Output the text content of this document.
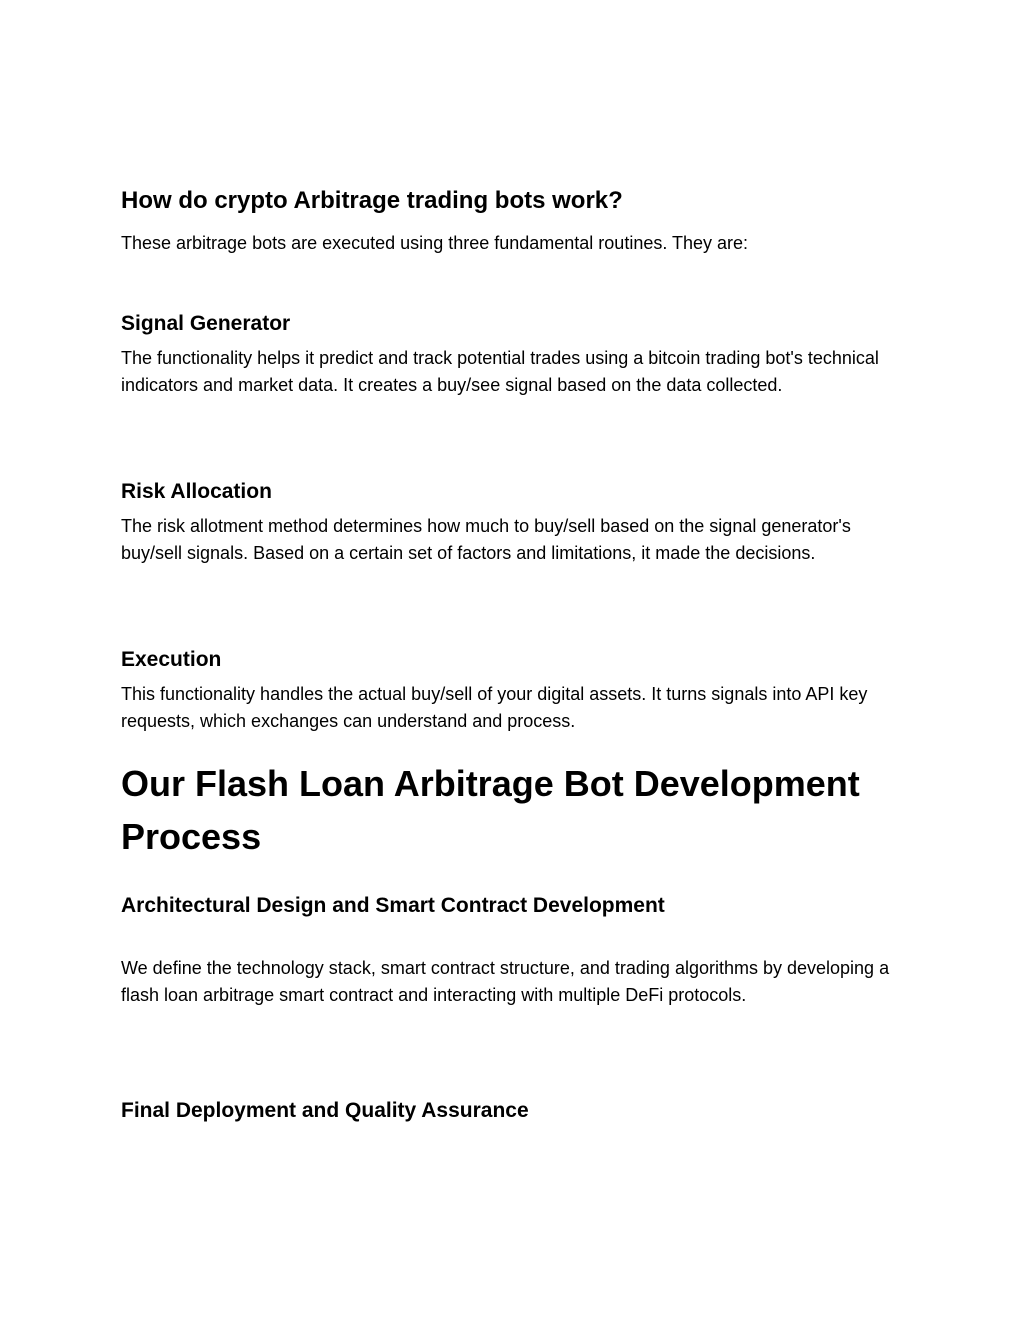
How do crypto Arbitrage trading bots work?

These arbitrage bots are executed using three fundamental routines. They are:

Signal Generator

The functionality helps it predict and track potential trades using a bitcoin trading bot's technical indicators and market data. It creates a buy/see signal based on the data collected.

Risk Allocation

The risk allotment method determines how much to buy/sell based on the signal generator's buy/sell signals. Based on a certain set of factors and limitations, it made the decisions.

Execution

This functionality handles the actual buy/sell of your digital assets. It turns signals into API key requests, which exchanges can understand and process.

Our Flash Loan Arbitrage Bot Development Process
Architectural Design and Smart Contract Development

We define the technology stack, smart contract structure, and trading algorithms by developing a flash loan arbitrage smart contract and interacting with multiple DeFi protocols.

Final Deployment and Quality Assurance
